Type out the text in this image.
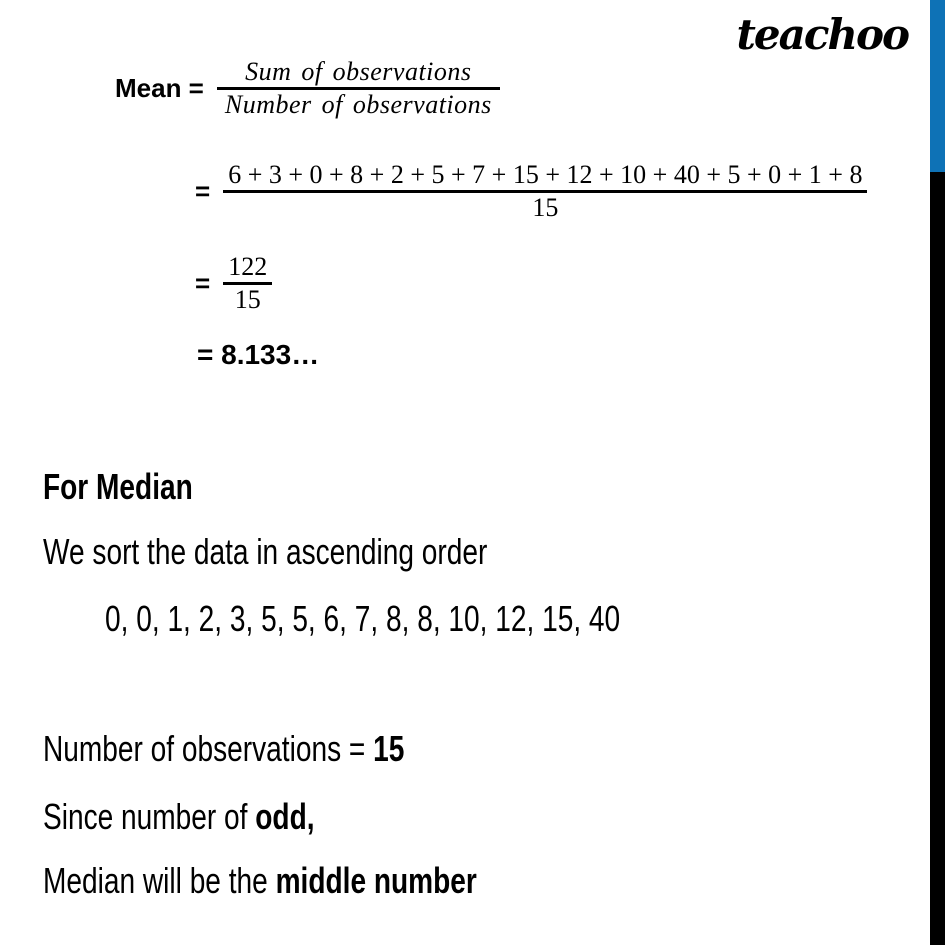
teachoo
Mean = $\frac{\text{Sum of observations}}{\text{Number of observations}}$
=
6 + 3 + 0 + 8 + 2 + 5 + 7 + 15 + 12 + 10 + 40 + 5 + 0 + 1 + 8
15
= $\frac{122}{15}$
= 8.133…
For Median
We sort the data in ascending order
0, 0, 1, 2, 3, 5, 5, 6, 7, 8, 8, 10, 12, 15, 40
Number of observations = 15
Since number of odd,
Median will be the middle number
